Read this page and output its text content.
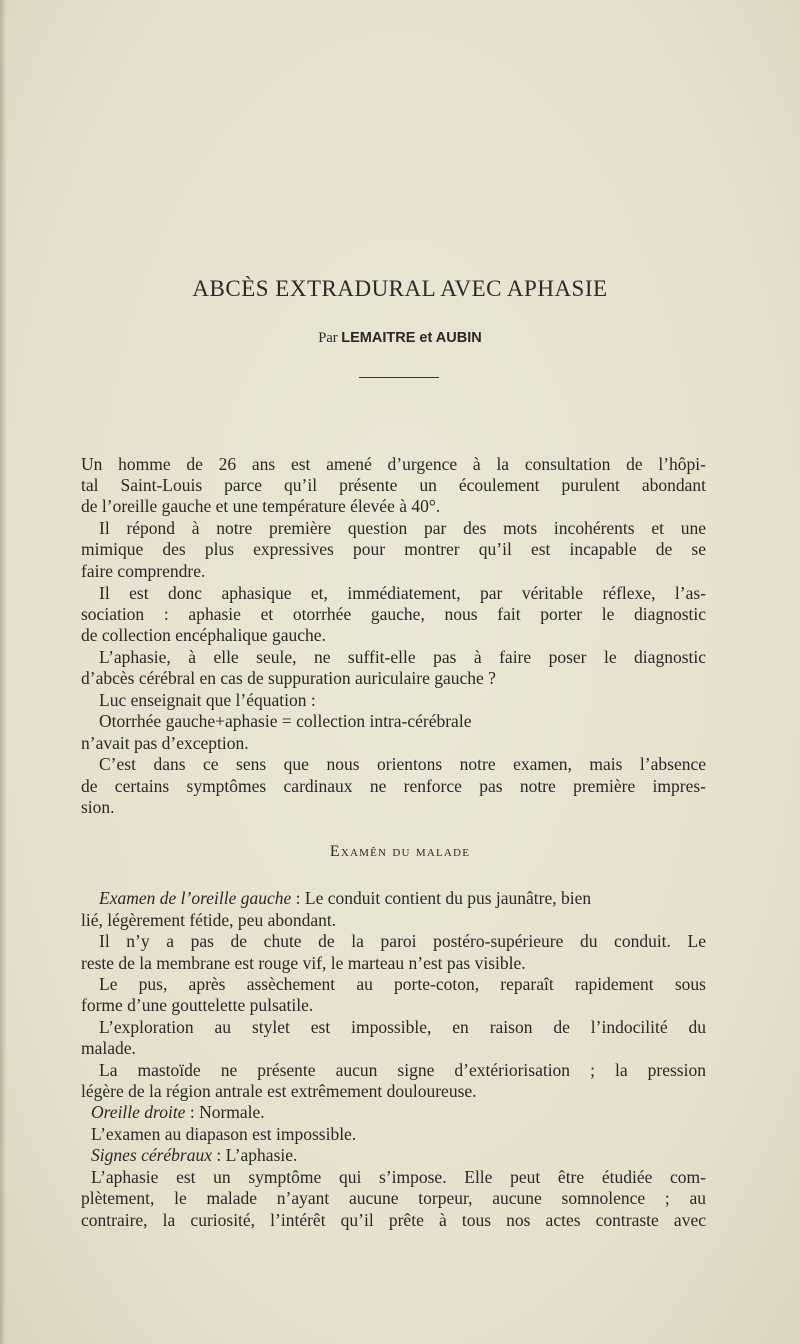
ABCÈS EXTRADURAL AVEC APHASIE
Par LEMAITRE et AUBIN
Un homme de 26 ans est amené d’urgence à la consultation de l’hôpi-
tal Saint-Louis parce qu’il présente un écoulement purulent abondant
de l’oreille gauche et une température élevée à 40°.
Il répond à notre première question par des mots incohérents et une
mimique des plus expressives pour montrer qu’il est incapable de se
faire comprendre.
Il est donc aphasique et, immédiatement, par véritable réflexe, l’as-
sociation : aphasie et otorrhée gauche, nous fait porter le diagnostic
de collection encéphalique gauche.
L’aphasie, à elle seule, ne suffit-elle pas à faire poser le diagnostic
d’abcès cérébral en cas de suppuration auriculaire gauche ?
Luc enseignait que l’équation :
Otorrhée gauche+aphasie = collection intra-cérébrale
n’avait pas d’exception.
C’est dans ce sens que nous orientons notre examen, mais l’absence
de certains symptômes cardinaux ne renforce pas notre première impres-
sion.
Examên du malade
Examen de l’oreille gauche : Le conduit contient du pus jaunâtre, bien
lié, légèrement fétide, peu abondant.
Il n’y a pas de chute de la paroi postéro-supérieure du conduit. Le
reste de la membrane est rouge vif, le marteau n’est pas visible.
Le pus, après assèchement au porte-coton, reparaît rapidement sous
forme d’une gouttelette pulsatile.
L’exploration au stylet est impossible, en raison de l’indocilité du
malade.
La mastoïde ne présente aucun signe d’extériorisation ; la pression
légère de la région antrale est extrêmement douloureuse.
Oreille droite : Normale.
L’examen au diapason est impossible.
Signes cérébraux : L’aphasie.
L’aphasie est un symptôme qui s’impose. Elle peut être étudiée com-
plètement, le malade n’ayant aucune torpeur, aucune somnolence ; au
contraire, la curiosité, l’intérêt qu’il prête à tous nos actes contraste avec
